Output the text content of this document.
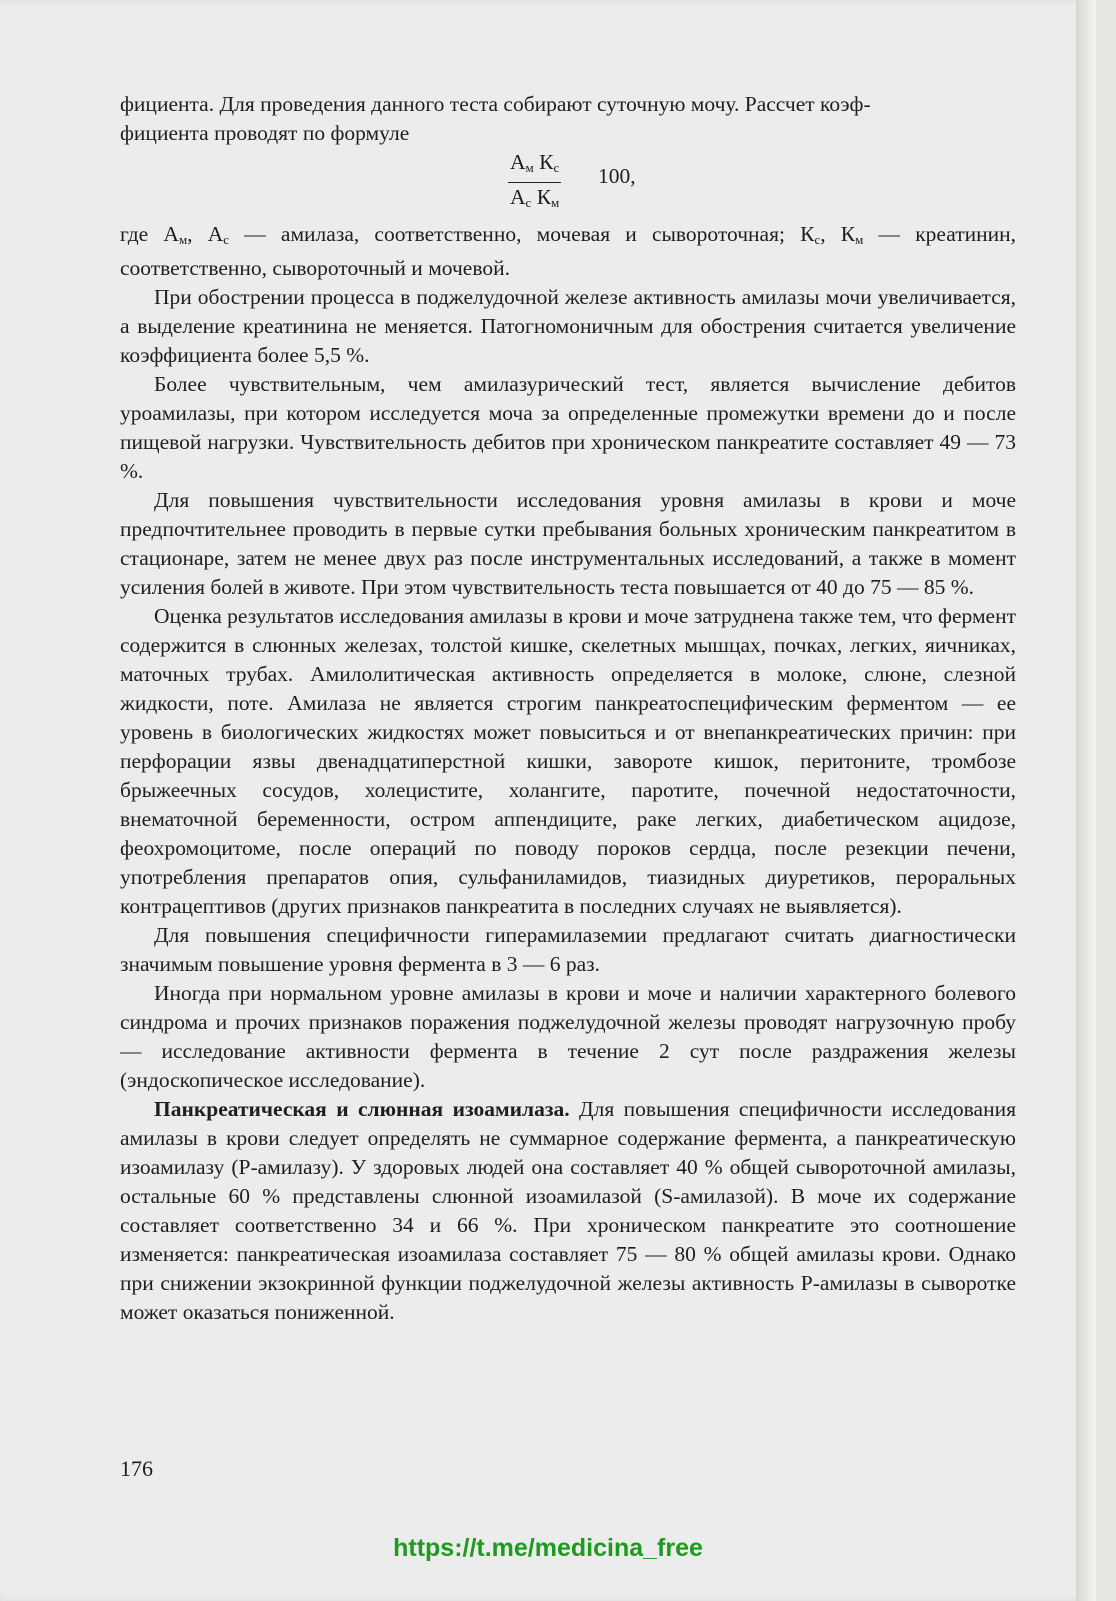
фициента. Для проведения данного теста собирают суточную мочу. Рассчет коэф-
фициента проводят по формуле

$А_м$ $К_с$
$А_с$ $К_м$
100,

где $А_м$, $А_с$ — амилаза, соответственно, мочевая и сывороточная; $К_с$, $К_м$ — креатинин, соответственно, сывороточный и мочевой.

При обострении процесса в поджелудочной железе активность амилазы мочи увеличивается, а выделение креатинина не меняется. Патогномоничным для обострения считается увеличение коэффициента более 5,5 %.

Более чувствительным, чем амилазурический тест, является вычисление дебитов уроамилазы, при котором исследуется моча за определенные промежутки времени до и после пищевой нагрузки. Чувствительность дебитов при хроническом панкреатите составляет 49 — 73 %.

Для повышения чувствительности исследования уровня амилазы в крови и моче предпочтительнее проводить в первые сутки пребывания больных хроническим панкреатитом в стационаре, затем не менее двух раз после инструментальных исследований, а также в момент усиления болей в животе. При этом чувствительность теста повышается от 40 до 75 — 85 %.

Оценка результатов исследования амилазы в крови и моче затруднена также тем, что фермент содержится в слюнных железах, толстой кишке, скелетных мышцах, почках, легких, яичниках, маточных трубах. Амилолитическая активность определяется в молоке, слюне, слезной жидкости, поте. Амилаза не является строгим панкреатоспецифическим ферментом — ее уровень в биологических жидкостях может повыситься и от внепанкреатических причин: при перфорации язвы двенадцатиперстной кишки, завороте кишок, перитоните, тромбозе брыжеечных сосудов, холецистите, холангите, паротите, почечной недостаточности, внематочной беременности, остром аппендиците, раке легких, диабетическом ацидозе, феохромоцитоме, после операций по поводу пороков сердца, после резекции печени, употребления препаратов опия, сульфаниламидов, тиазидных диуретиков, пероральных контрацептивов (других признаков панкреатита в последних случаях не выявляется).

Для повышения специфичности гиперамилаземии предлагают считать диагностически значимым повышение уровня фермента в 3 — 6 раз.

Иногда при нормальном уровне амилазы в крови и моче и наличии характерного болевого синдрома и прочих признаков поражения поджелудочной железы проводят нагрузочную пробу — исследование активности фермента в течение 2 сут после раздражения железы (эндоскопическое исследование).

Панкреатическая и слюнная изоамилаза. Для повышения специфичности исследования амилазы в крови следует определять не суммарное содержание фермента, а панкреатическую изоамилазу (Р-амилазу). У здоровых людей она составляет 40 % общей сывороточной амилазы, остальные 60 % представлены слюнной изоамилазой (S-амилазой). В моче их содержание составляет соответственно 34 и 66 %. При хроническом панкреатите это соотношение изменяется: панкреатическая изоамилаза составляет 75 — 80 % общей амилазы крови. Однако при снижении экзокринной функции поджелудочной железы активность Р-амилазы в сыворотке может оказаться пониженной.

176
https://t.me/medicina_free
